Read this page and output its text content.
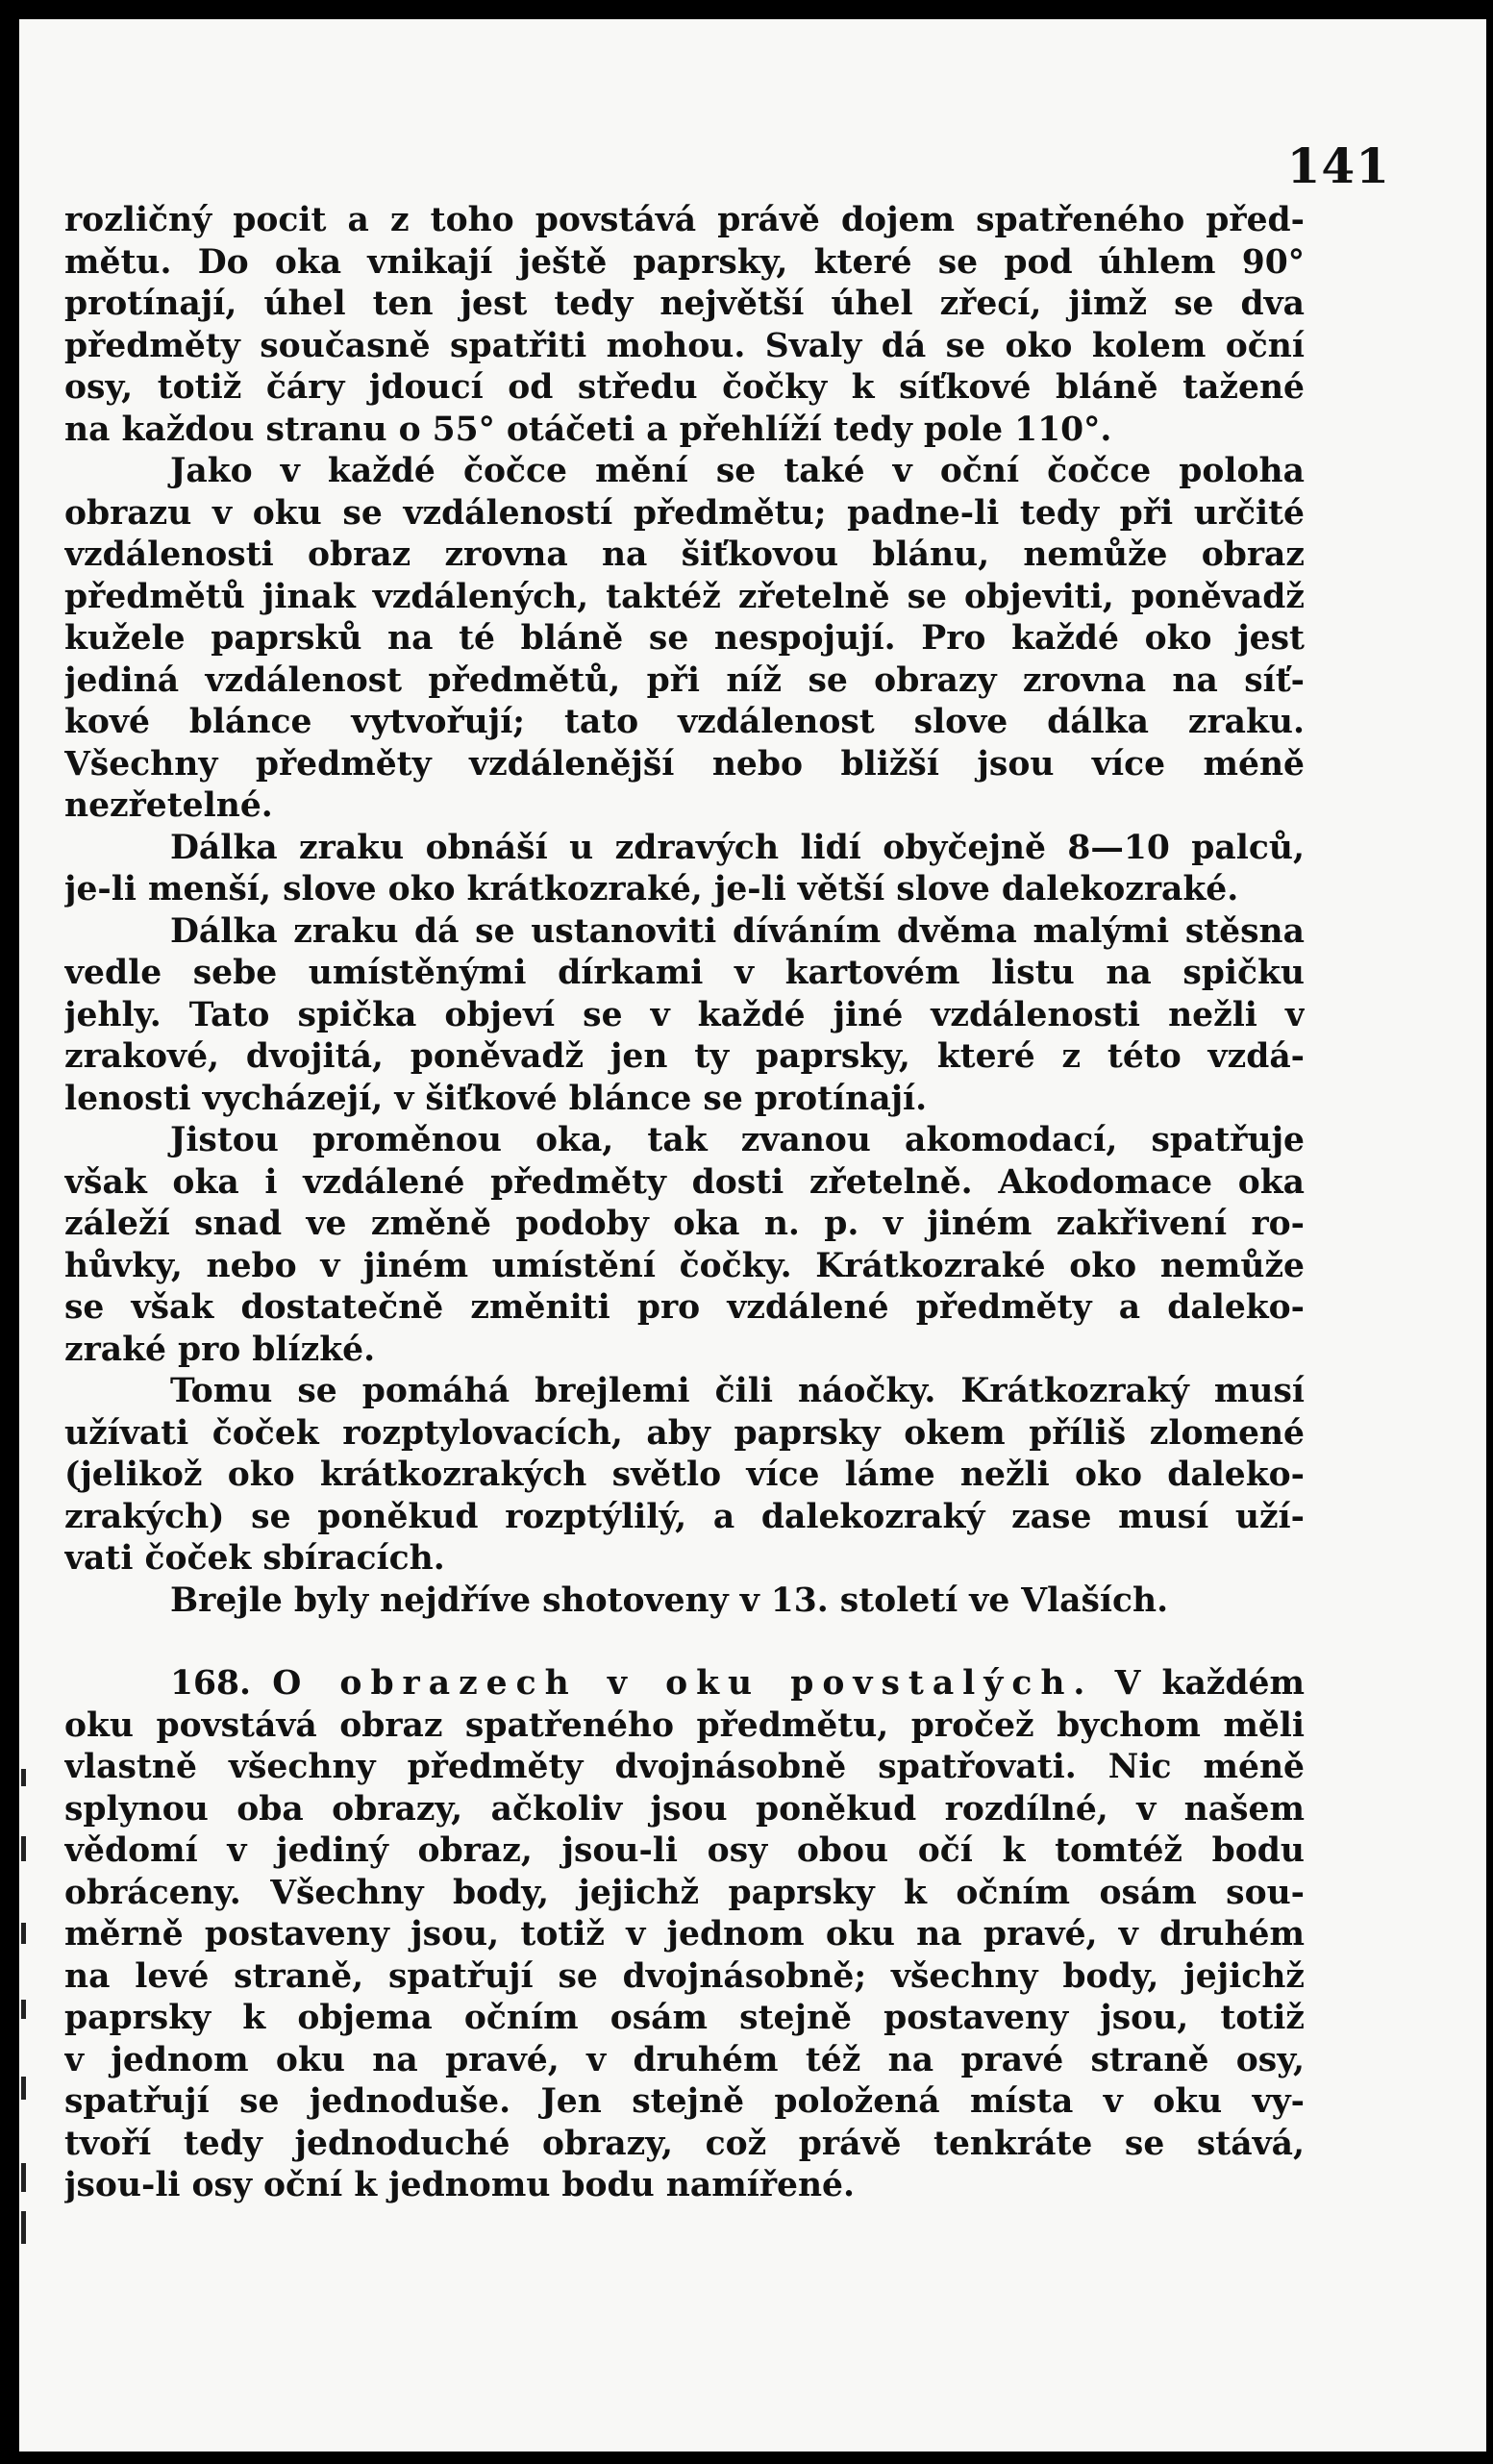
141
rozličný pocit a z toho povstává právě dojem spatřeného před-
mětu. Do oka vnikají ještě paprsky, které se pod úhlem 90°
protínají, úhel ten jest tedy největší úhel zřecí, jimž se dva
předměty současně spatřiti mohou. Svaly dá se oko kolem oční
osy, totiž čáry jdoucí od středu čočky k síťkové bláně tažené
na každou stranu o 55° otáčeti a přehlíží tedy pole 110°.
Jako v každé čočce mění se také v oční čočce poloha
obrazu v oku se vzdáleností předmětu; padne-li tedy při určité
vzdálenosti obraz zrovna na šiťkovou blánu, nemůže obraz
předmětů jinak vzdálených, taktéž zřetelně se objeviti, poněvadž
kužele paprsků na té bláně se nespojují. Pro každé oko jest
jediná vzdálenost předmětů, při níž se obrazy zrovna na síť-
kové blánce vytvořují; tato vzdálenost slove dálka zraku.
Všechny předměty vzdálenější nebo bližší jsou více méně
nezřetelné.
Dálka zraku obnáší u zdravých lidí obyčejně 8—10 palců,
je-li menší, slove oko krátkozraké, je-li větší slove dalekozraké.
Dálka zraku dá se ustanoviti díváním dvěma malými stěsna
vedle sebe umístěnými dírkami v kartovém listu na spičku
jehly. Tato spička objeví se v každé jiné vzdálenosti nežli v
zrakové, dvojitá, poněvadž jen ty paprsky, které z této vzdá-
lenosti vycházejí, v šiťkové blánce se protínají.
Jistou proměnou oka, tak zvanou akomodací, spatřuje
však oka i vzdálené předměty dosti zřetelně. Akodomace oka
záleží snad ve změně podoby oka n. p. v jiném zakřivení ro-
hůvky, nebo v jiném umístění čočky. Krátkozraké oko nemůže
se však dostatečně změniti pro vzdálené předměty a daleko-
zraké pro blízké.
Tomu se pomáhá brejlemi čili náočky. Krátkozraký musí
užívati čoček rozptylovacích, aby paprsky okem příliš zlomené
(jelikož oko krátkozrakých světlo více láme nežli oko daleko-
zrakých) se poněkud rozptýlilý, a dalekozraký zase musí uží-
vati čoček sbíracích.
Brejle byly nejdříve shotoveny v 13. století ve Vlaších.
168. O obrazech v oku povstalých. V každém
oku povstává obraz spatřeného předmětu, pročež bychom měli
vlastně všechny předměty dvojnásobně spatřovati. Nic méně
splynou oba obrazy, ačkoliv jsou poněkud rozdílné, v našem
vědomí v jediný obraz, jsou-li osy obou očí k tomtéž bodu
obráceny. Všechny body, jejichž paprsky k očním osám sou-
měrně postaveny jsou, totiž v jednom oku na pravé, v druhém
na levé straně, spatřují se dvojnásobně; všechny body, jejichž
paprsky k objema očním osám stejně postaveny jsou, totiž
v jednom oku na pravé, v druhém též na pravé straně osy,
spatřují se jednoduše. Jen stejně položená místa v oku vy-
tvoří tedy jednoduché obrazy, což právě tenkráte se stává,
jsou-li osy oční k jednomu bodu namířené.
